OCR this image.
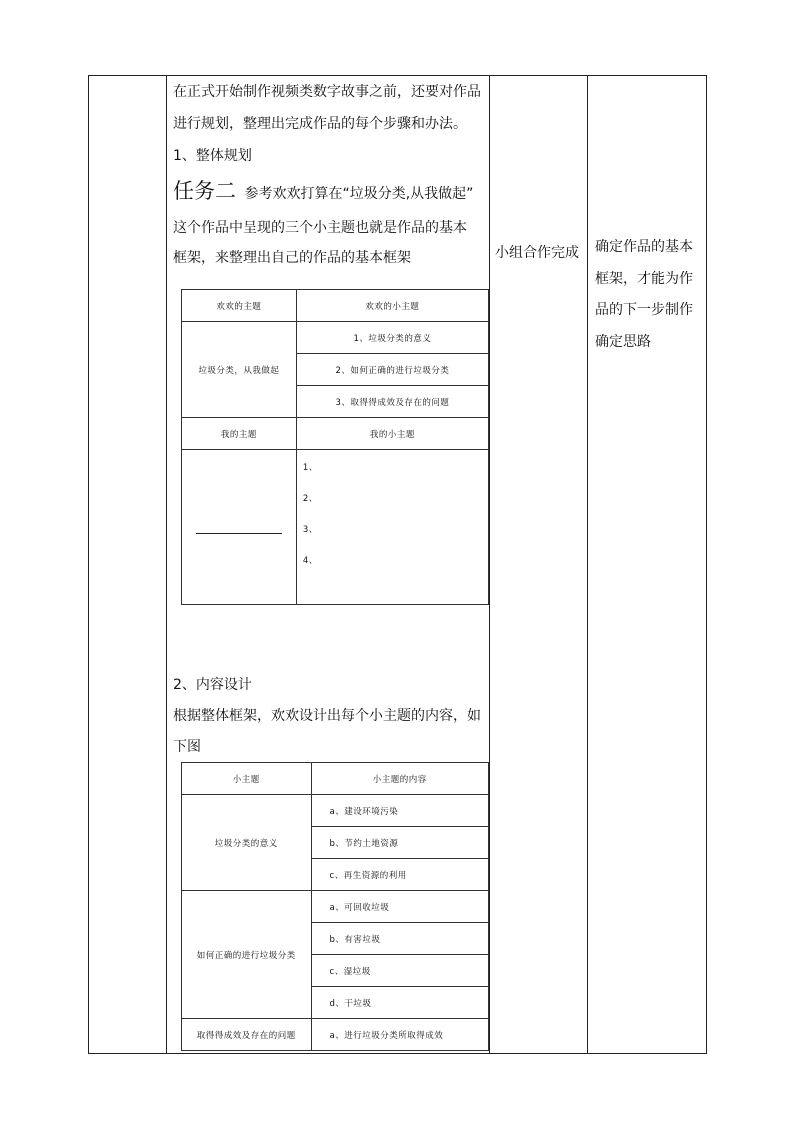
在正式开始制作视频类数字故事之前，还要对作品
进行规划，整理出完成作品的每个步骤和办法。
1、整体规划
任务二 参考欢欢打算在“垃圾分类,从我做起”
这个作品中呈现的三个小主题也就是作品的基本
框架，来整理出自己的作品的基本框架
欢欢的主题	欢欢的小主题
垃圾分类，从我做起	1、垃圾分类的意义
	2、如何正确的进行垃圾分类
	3、取得得成效及存在的问题
我的主题	我的小主题

	1、
2、
3、
4、
2、内容设计
根据整体框架，欢欢设计出每个小主题的内容，如
下图
小主题	小主题的内容
垃圾分类的意义	a、建设环境污染
	b、节约土地资源
	c、再生资源的利用
如何正确的进行垃圾分类	a、可回收垃圾
	b、有害垃圾
	c、湿垃圾
	d、干垃圾
取得得成效及存在的问题	a、进行垃圾分类所取得成效
小组合作完成 确定作品的基本
框架，才能为作
品的下一步制作
确定思路
